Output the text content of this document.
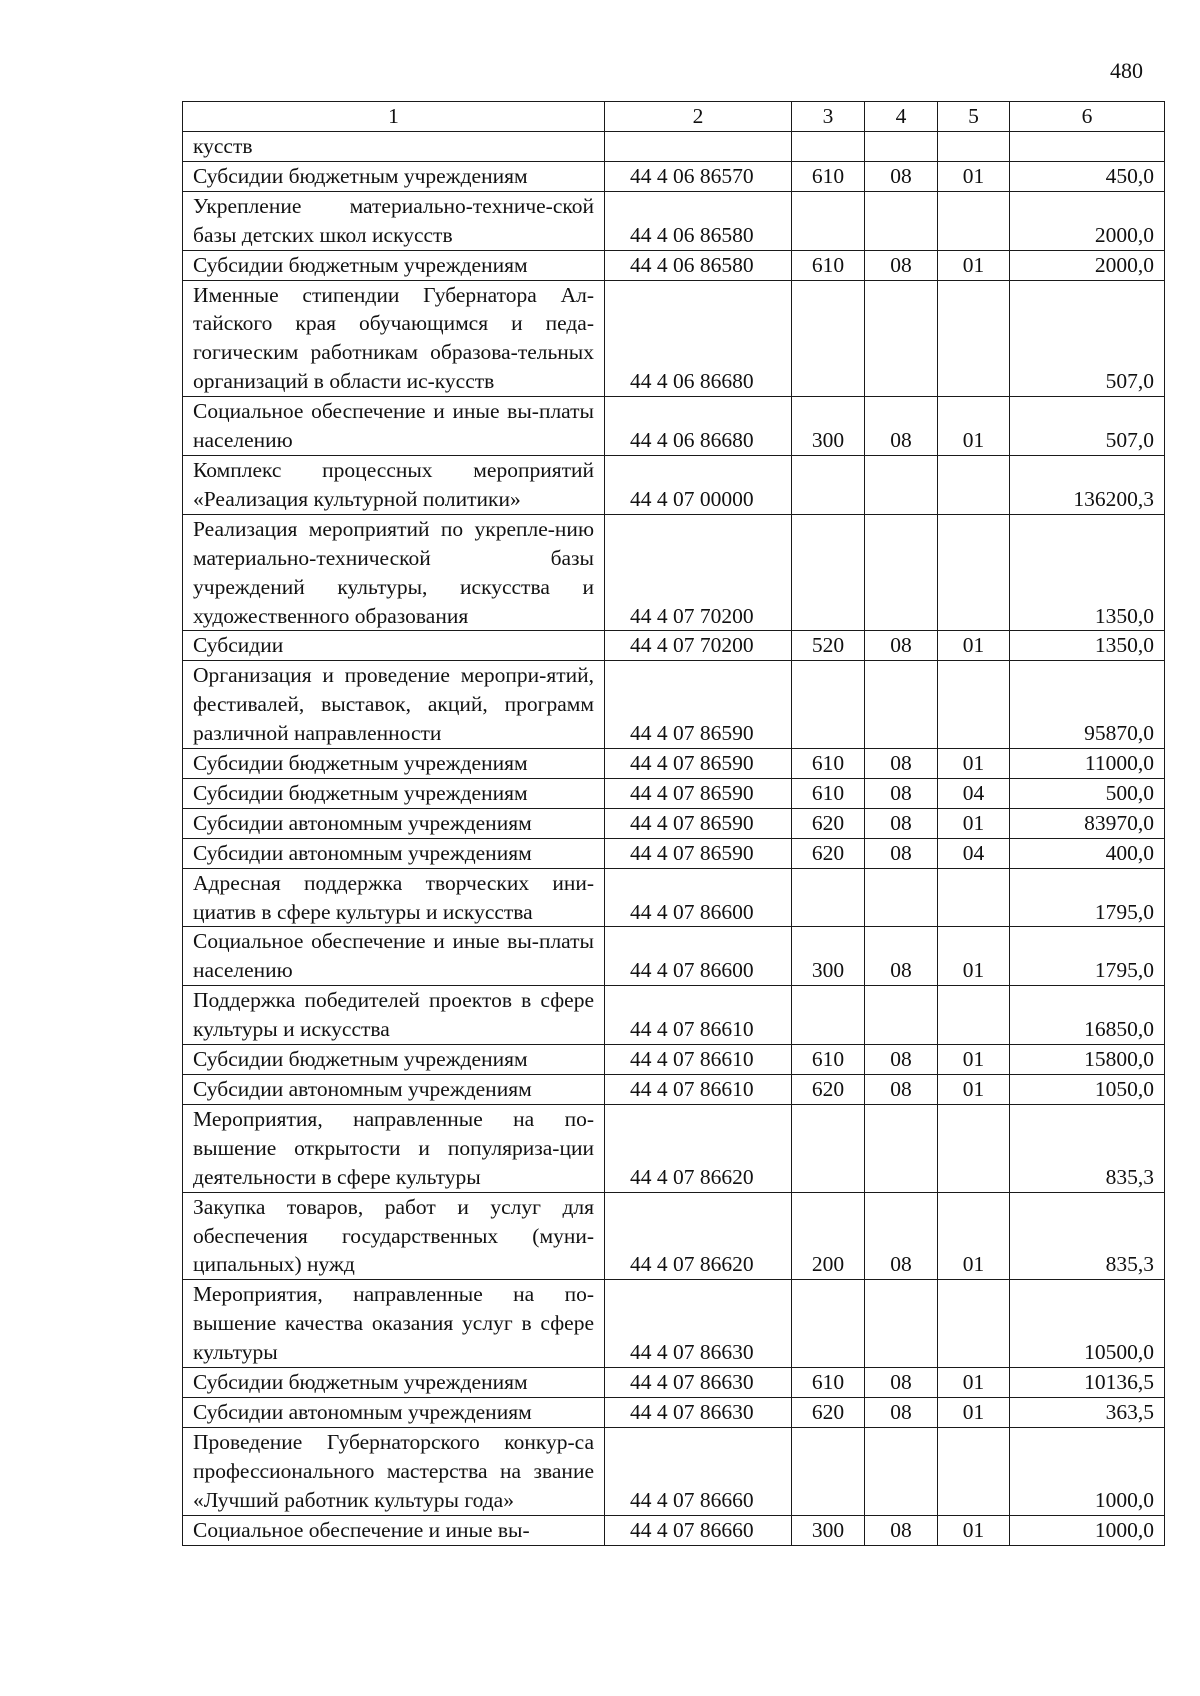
480
1	2	3	4	5	6
кусств					
Субсидии бюджетным учреждениям	44 4 06 86570	610	08	01	450,0
Укрепление материально-техниче-ской базы детских школ искусств	44 4 06 86580				2000,0
Субсидии бюджетным учреждениям	44 4 06 86580	610	08	01	2000,0
Именные стипендии Губернатора Ал-тайского края обучающимся и педа-гогическим работникам образова-тельных организаций в области ис-кусств	44 4 06 86680				507,0
Социальное обеспечение и иные вы-платы населению	44 4 06 86680	300	08	01	507,0
Комплекс процессных мероприятий «Реализация культурной политики»	44 4 07 00000				136200,3
Реализация мероприятий по укрепле-нию материально-технической базы учреждений культуры, искусства и художественного образования	44 4 07 70200				1350,0
Субсидии	44 4 07 70200	520	08	01	1350,0
Организация и проведение меропри-ятий, фестивалей, выставок, акций, программ различной направленности	44 4 07 86590				95870,0
Субсидии бюджетным учреждениям	44 4 07 86590	610	08	01	11000,0
Субсидии бюджетным учреждениям	44 4 07 86590	610	08	04	500,0
Субсидии автономным учреждениям	44 4 07 86590	620	08	01	83970,0
Субсидии автономным учреждениям	44 4 07 86590	620	08	04	400,0
Адресная поддержка творческих ини-циатив в сфере культуры и искусства	44 4 07 86600				1795,0
Социальное обеспечение и иные вы-платы населению	44 4 07 86600	300	08	01	1795,0
Поддержка победителей проектов в сфере культуры и искусства	44 4 07 86610				16850,0
Субсидии бюджетным учреждениям	44 4 07 86610	610	08	01	15800,0
Субсидии автономным учреждениям	44 4 07 86610	620	08	01	1050,0
Мероприятия, направленные на по-вышение открытости и популяриза-ции деятельности в сфере культуры	44 4 07 86620				835,3
Закупка товаров, работ и услуг для обеспечения государственных (муни-ципальных) нужд	44 4 07 86620	200	08	01	835,3
Мероприятия, направленные на по-вышение качества оказания услуг в сфере культуры	44 4 07 86630				10500,0
Субсидии бюджетным учреждениям	44 4 07 86630	610	08	01	10136,5
Субсидии автономным учреждениям	44 4 07 86630	620	08	01	363,5
Проведение Губернаторского конкур-са профессионального мастерства на звание «Лучший работник культуры года»	44 4 07 86660				1000,0
Социальное обеспечение и иные вы-	44 4 07 86660	300	08	01	1000,0
